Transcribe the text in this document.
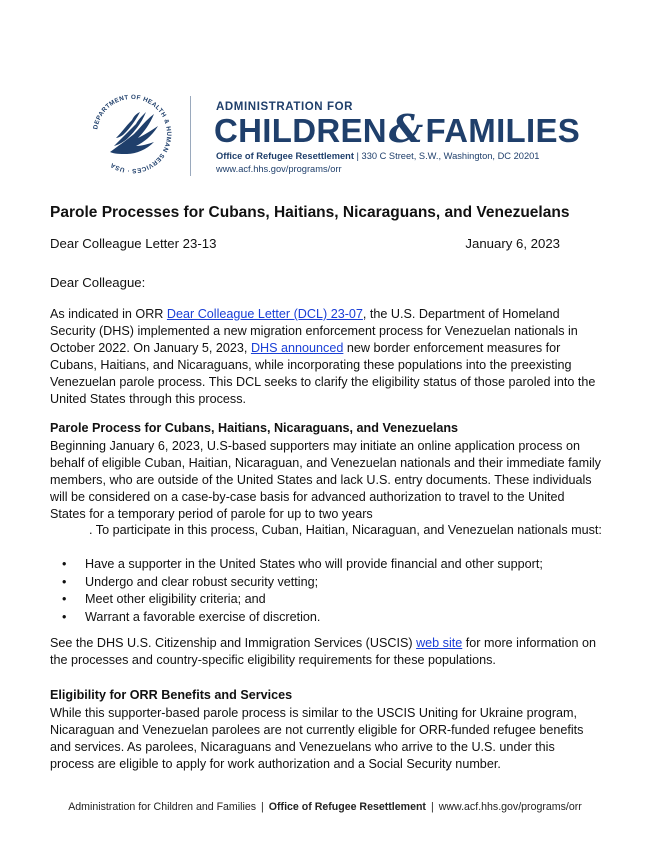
DEPARTMENT OF HEALTH & HUMAN SERVICES · USA
ADMINISTRATION FOR
CHILDREN&FAMILIES
Office of Refugee Resettlement | 330 C Street, S.W., Washington, DC 20201
www.acf.hhs.gov/programs/orr
Parole Processes for Cubans, Haitians, Nicaraguans, and Venezuelans
Dear Colleague Letter 23-13	January 6, 2023
Dear Colleague:
As indicated in ORR Dear Colleague Letter (DCL) 23-07, the U.S. Department of Homeland Security (DHS) implemented a new migration enforcement process for Venezuelan nationals in October 2022. On January 5, 2023, DHS announced new border enforcement measures for Cubans, Haitians, and Nicaraguans, while incorporating these populations into the preexisting Venezuelan parole process. This DCL seeks to clarify the eligibility status of those paroled into the United States through this process.
Parole Process for Cubans, Haitians, Nicaraguans, and Venezuelans
Beginning January 6, 2023, U.S-based supporters may initiate an online application process on behalf of eligible Cuban, Haitian, Nicaraguan, and Venezuelan nationals and their immediate family members, who are outside of the United States and lack U.S. entry documents. These individuals will be considered on a case-by-case basis for advanced authorization to travel to the United States for a temporary period of parole for up to two years
. To participate in this process, Cuban, Haitian, Nicaraguan, and Venezuelan nationals must:
• Have a supporter in the United States who will provide financial and other support;
• Undergo and clear robust security vetting;
• Meet other eligibility criteria; and
• Warrant a favorable exercise of discretion.
See the DHS U.S. Citizenship and Immigration Services (USCIS) web site for more information on the processes and country-specific eligibility requirements for these populations.
Eligibility for ORR Benefits and Services
While this supporter-based parole process is similar to the USCIS Uniting for Ukraine program, Nicaraguan and Venezuelan parolees are not currently eligible for ORR-funded refugee benefits and services. As parolees, Nicaraguans and Venezuelans who arrive to the U.S. under this process are eligible to apply for work authorization and a Social Security number.
Administration for Children and Families | Office of Refugee Resettlement | www.acf.hhs.gov/programs/orr
